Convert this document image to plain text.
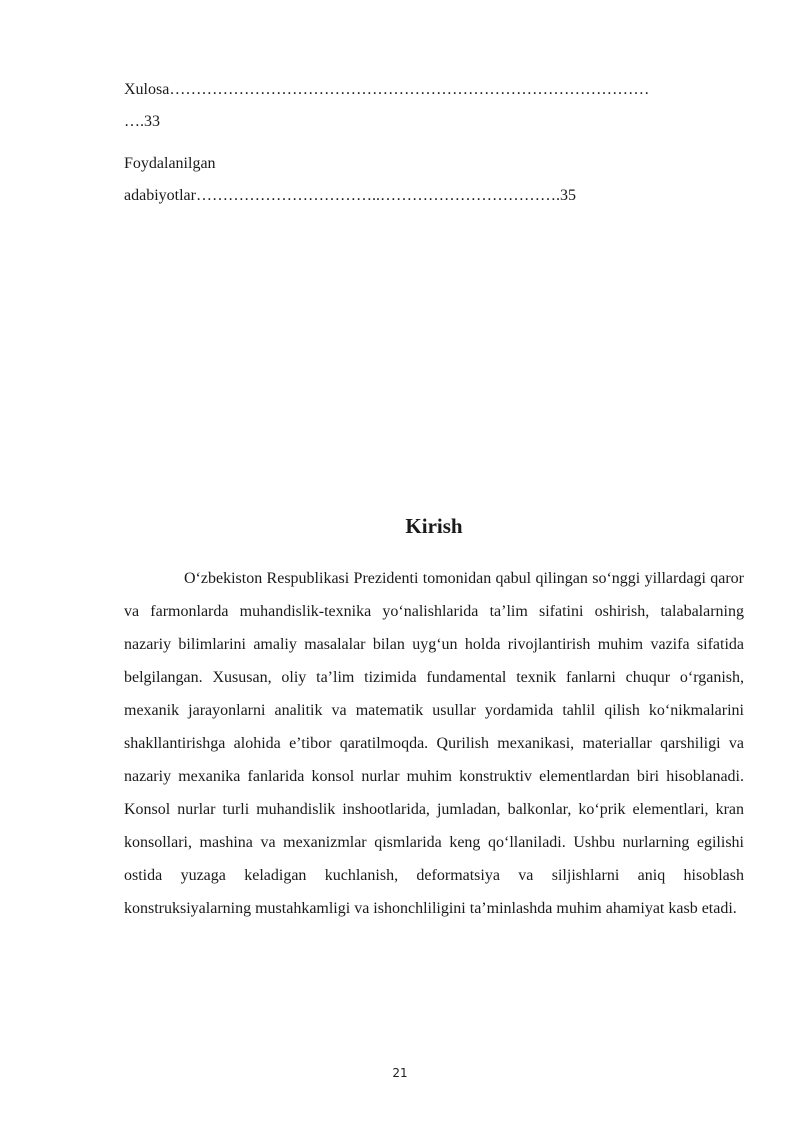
Xulosa………………………………………………………………………………
….33
Foydalanilgan
adabiyotlar……………………………..…………………………….35
Kirish

O‘zbekiston Respublikasi Prezidenti tomonidan qabul qilingan so‘nggi yillardagi qaror va farmonlarda muhandislik-texnika yo‘nalishlarida ta’lim sifatini oshirish, talabalarning nazariy bilimlarini amaliy masalalar bilan uyg‘un holda rivojlantirish muhim vazifa sifatida belgilangan. Xususan, oliy ta’lim tizimida fundamental texnik fanlarni chuqur o‘rganish, mexanik jarayonlarni analitik va matematik usullar yordamida tahlil qilish ko‘nikmalarini shakllantirishga alohida e’tibor qaratilmoqda. Qurilish mexanikasi, materiallar qarshiligi va nazariy mexanika fanlarida konsol nurlar muhim konstruktiv elementlardan biri hisoblanadi. Konsol nurlar turli muhandislik inshootlarida, jumladan, balkonlar, ko‘prik elementlari, kran konsollari, mashina va mexanizmlar qismlarida keng qo‘llaniladi. Ushbu nurlarning egilishi ostida yuzaga keladigan kuchlanish, deformatsiya va siljishlarni aniq hisoblash konstruksiyalarning mustahkamligi va ishonchliligini ta’minlashda muhim ahamiyat kasb etadi.

21
